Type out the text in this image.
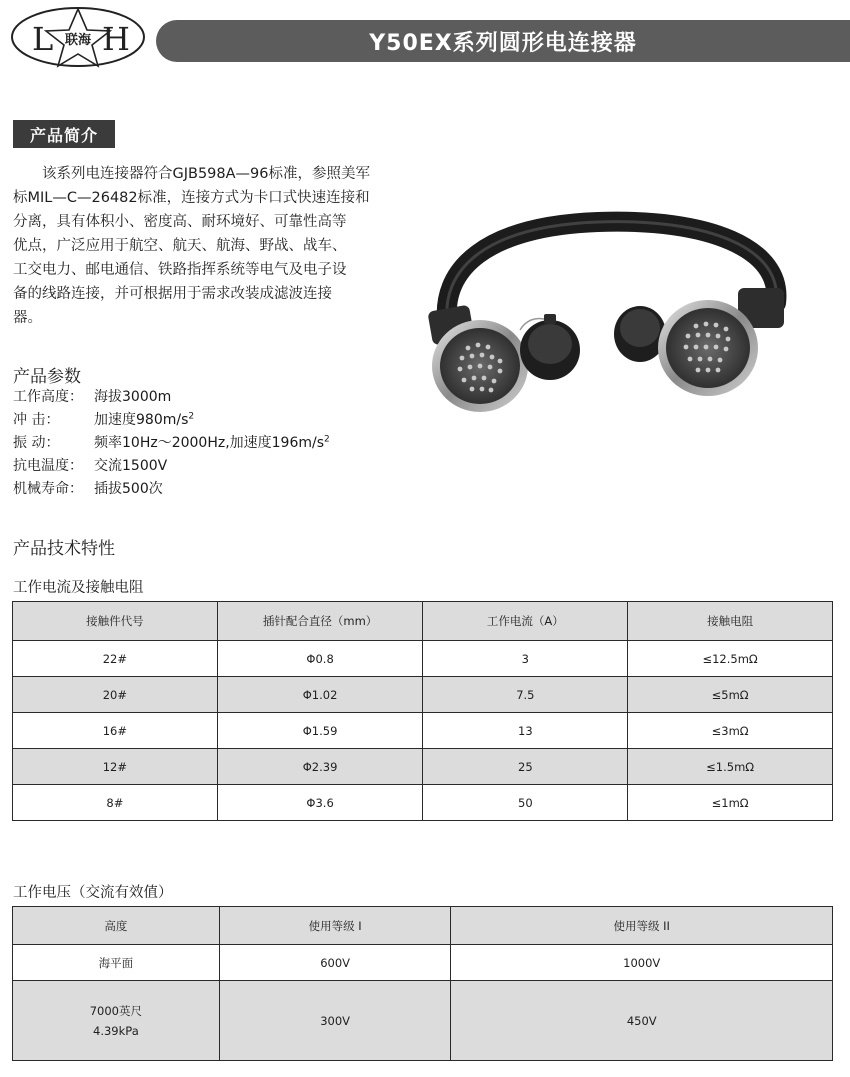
L H
联海	Y50EX系列圆形电连接器
产品简介
该系列电连接器符合GJB598A—96标准，参照美军
标MIL—C—26482标准，连接方式为卡口式快速连接和
分离，具有体积小、密度高、耐环境好、可靠性高等
优点，广泛应用于航空、航天、航海、野战、战车、
工交电力、邮电通信、铁路指挥系统等电气及电子设
备的线路连接，并可根据用于需求改装成滤波连接
器。
产品参数
工作高度： 海拔3000m
冲 击：	加速度$980m/s^2$
振 动：	频率10Hz～2000Hz,加速度$196m/s^2$
抗电温度： 交流1500V
机械寿命： 插拔500次
产品技术特性
工作电流及接触电阻
接触件代号	插针配合直径（mm）	工作电流（A）	接触电阻
22#	Φ0.8	3	≤12.5mΩ
20#	Φ1.02	7.5	≤5mΩ
16#	Φ1.59	13	≤3mΩ
12#	Φ2.39	25	≤1.5mΩ
8#	Φ3.6	50	≤1mΩ
工作电压（交流有效值）
高度	使用等级 I	使用等级 II
海平面	600V	1000V

7000英尺
4.39kPa	300V	450V
